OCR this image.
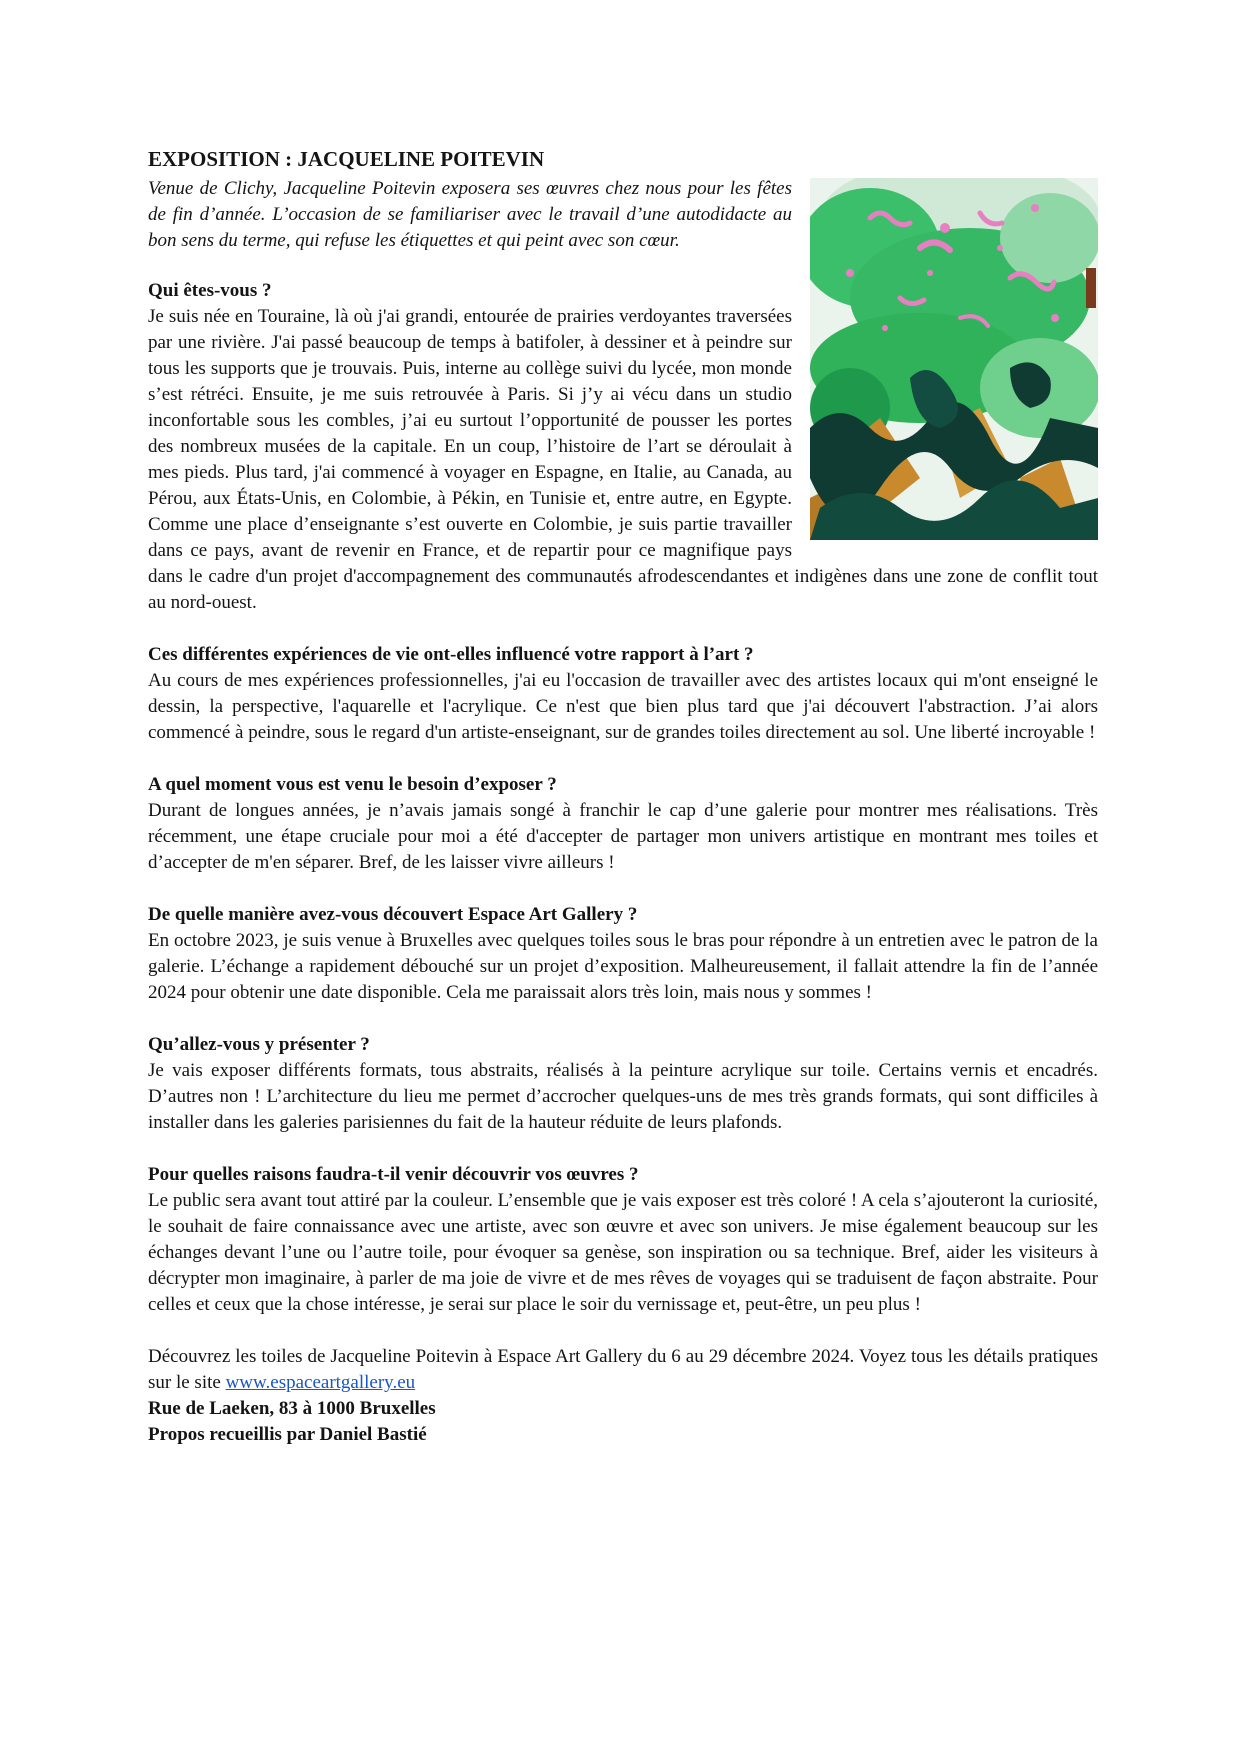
EXPOSITION : JACQUELINE POITEVIN

Venue de Clichy, Jacqueline Poitevin exposera ses œuvres chez nous pour les fêtes de fin d’année. L’occasion de se familiariser avec le travail d’une autodidacte au bon sens du terme, qui refuse les étiquettes et qui peint avec son cœur.

Qui êtes-vous ?

Je suis née en Touraine, là où j'ai grandi, entourée de prairies verdoyantes traversées par une rivière. J'ai passé beaucoup de temps à batifoler, à dessiner et à peindre sur tous les supports que je trouvais. Puis, interne au collège suivi du lycée, mon monde s’est rétréci. Ensuite, je me suis retrouvée à Paris. Si j’y ai vécu dans un studio inconfortable sous les combles, j’ai eu surtout l’opportunité de pousser les portes des nombreux musées de la capitale. En un coup, l’histoire de l’art se déroulait à mes pieds. Plus tard, j'ai commencé à voyager en Espagne, en Italie, au Canada, au Pérou, aux États-Unis, en Colombie, à Pékin, en Tunisie et, entre autre, en Egypte. Comme une place d’enseignante s’est ouverte en Colombie, je suis partie travailler dans ce pays, avant de revenir en France, et de repartir pour ce magnifique pays dans le cadre d'un projet d'accompagnement des communautés afrodescendantes et indigènes dans une zone de conflit tout au nord-ouest.

Ces différentes expériences de vie ont-elles influencé votre rapport à l’art ?

Au cours de mes expériences professionnelles, j'ai eu l'occasion de travailler avec des artistes locaux qui m'ont enseigné le dessin, la perspective, l'aquarelle et l'acrylique. Ce n'est que bien plus tard que j'ai découvert l'abstraction. J’ai alors commencé à peindre, sous le regard d'un artiste-enseignant, sur de grandes toiles directement au sol. Une liberté incroyable !

A quel moment vous est venu le besoin d’exposer ?

Durant de longues années, je n’avais jamais songé à franchir le cap d’une galerie pour montrer mes réalisations. Très récemment, une étape cruciale pour moi a été d'accepter de partager mon univers artistique en montrant mes toiles et d’accepter de m'en séparer. Bref, de les laisser vivre ailleurs !

De quelle manière avez-vous découvert Espace Art Gallery ?

En octobre 2023, je suis venue à Bruxelles avec quelques toiles sous le bras pour répondre à un entretien avec le patron de la galerie. L’échange a rapidement débouché sur un projet d’exposition. Malheureusement, il fallait attendre la fin de l’année 2024 pour obtenir une date disponible. Cela me paraissait alors très loin, mais nous y sommes !

Qu’allez-vous y présenter ?

Je vais exposer différents formats, tous abstraits, réalisés à la peinture acrylique sur toile. Certains vernis et encadrés. D’autres non ! L’architecture du lieu me permet d’accrocher quelques-uns de mes très grands formats, qui sont difficiles à installer dans les galeries parisiennes du fait de la hauteur réduite de leurs plafonds.

Pour quelles raisons faudra-t-il venir découvrir vos œuvres ?

Le public sera avant tout attiré par la couleur. L’ensemble que je vais exposer est très coloré ! A cela s’ajouteront la curiosité, le souhait de faire connaissance avec une artiste, avec son œuvre et avec son univers. Je mise également beaucoup sur les échanges devant l’une ou l’autre toile, pour évoquer sa genèse, son inspiration ou sa technique. Bref, aider les visiteurs à décrypter mon imaginaire, à parler de ma joie de vivre et de mes rêves de voyages qui se traduisent de façon abstraite. Pour celles et ceux que la chose intéresse, je serai sur place le soir du vernissage et, peut-être, un peu plus !

Découvrez les toiles de Jacqueline Poitevin à Espace Art Gallery du 6 au 29 décembre 2024. Voyez tous les détails pratiques sur le site www.espaceartgallery.eu

Rue de Laeken, 83 à 1000 Bruxelles

Propos recueillis par Daniel Bastié
